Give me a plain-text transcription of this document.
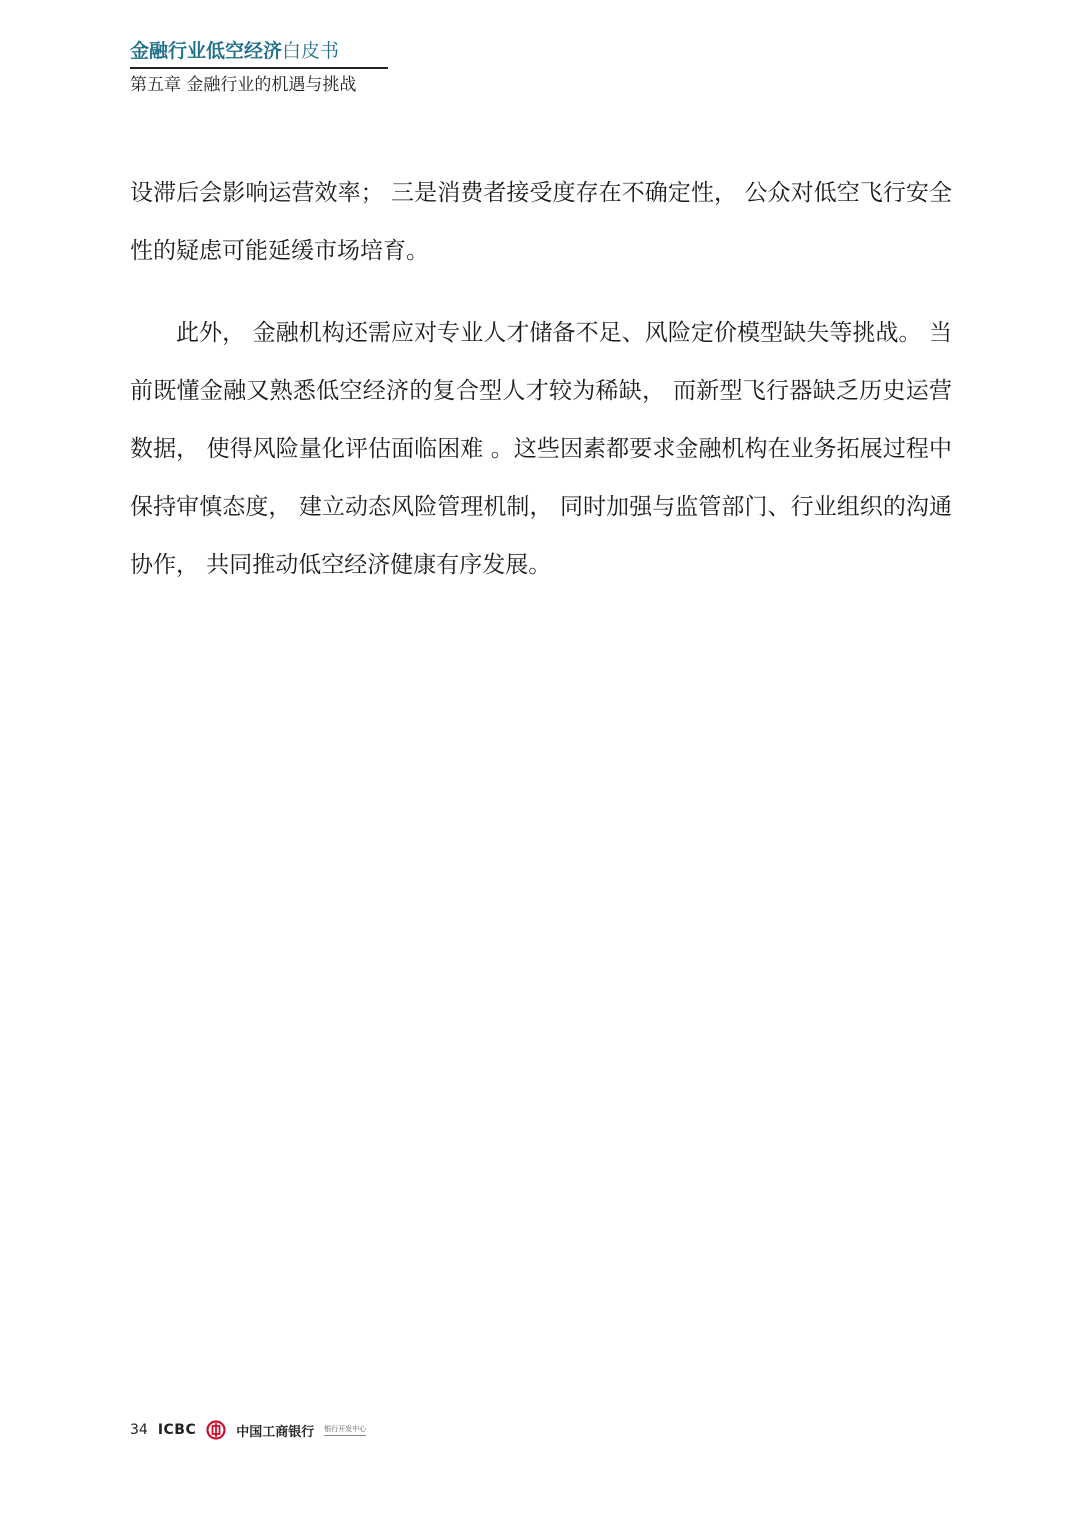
金融行业低空经济白皮书
第五章 金融行业的机遇与挑战

设滞后会影响运营效率； 三是消费者接受度存在不确定性， 公众对低空飞行安全性的疑虑可能延缓市场培育。

此外， 金融机构还需应对专业人才储备不足、风险定价模型缺失等挑战。 当前既懂金融又熟悉低空经济的复合型人才较为稀缺， 而新型飞行器缺乏历史运营数据， 使得风险量化评估面临困难 。这些因素都要求金融机构在业务拓展过程中保持审慎态度， 建立动态风险管理机制， 同时加强与监管部门、行业组织的沟通协作， 共同推动低空经济健康有序发展。

34 ICBC	中国工商银行 银行开发中心
